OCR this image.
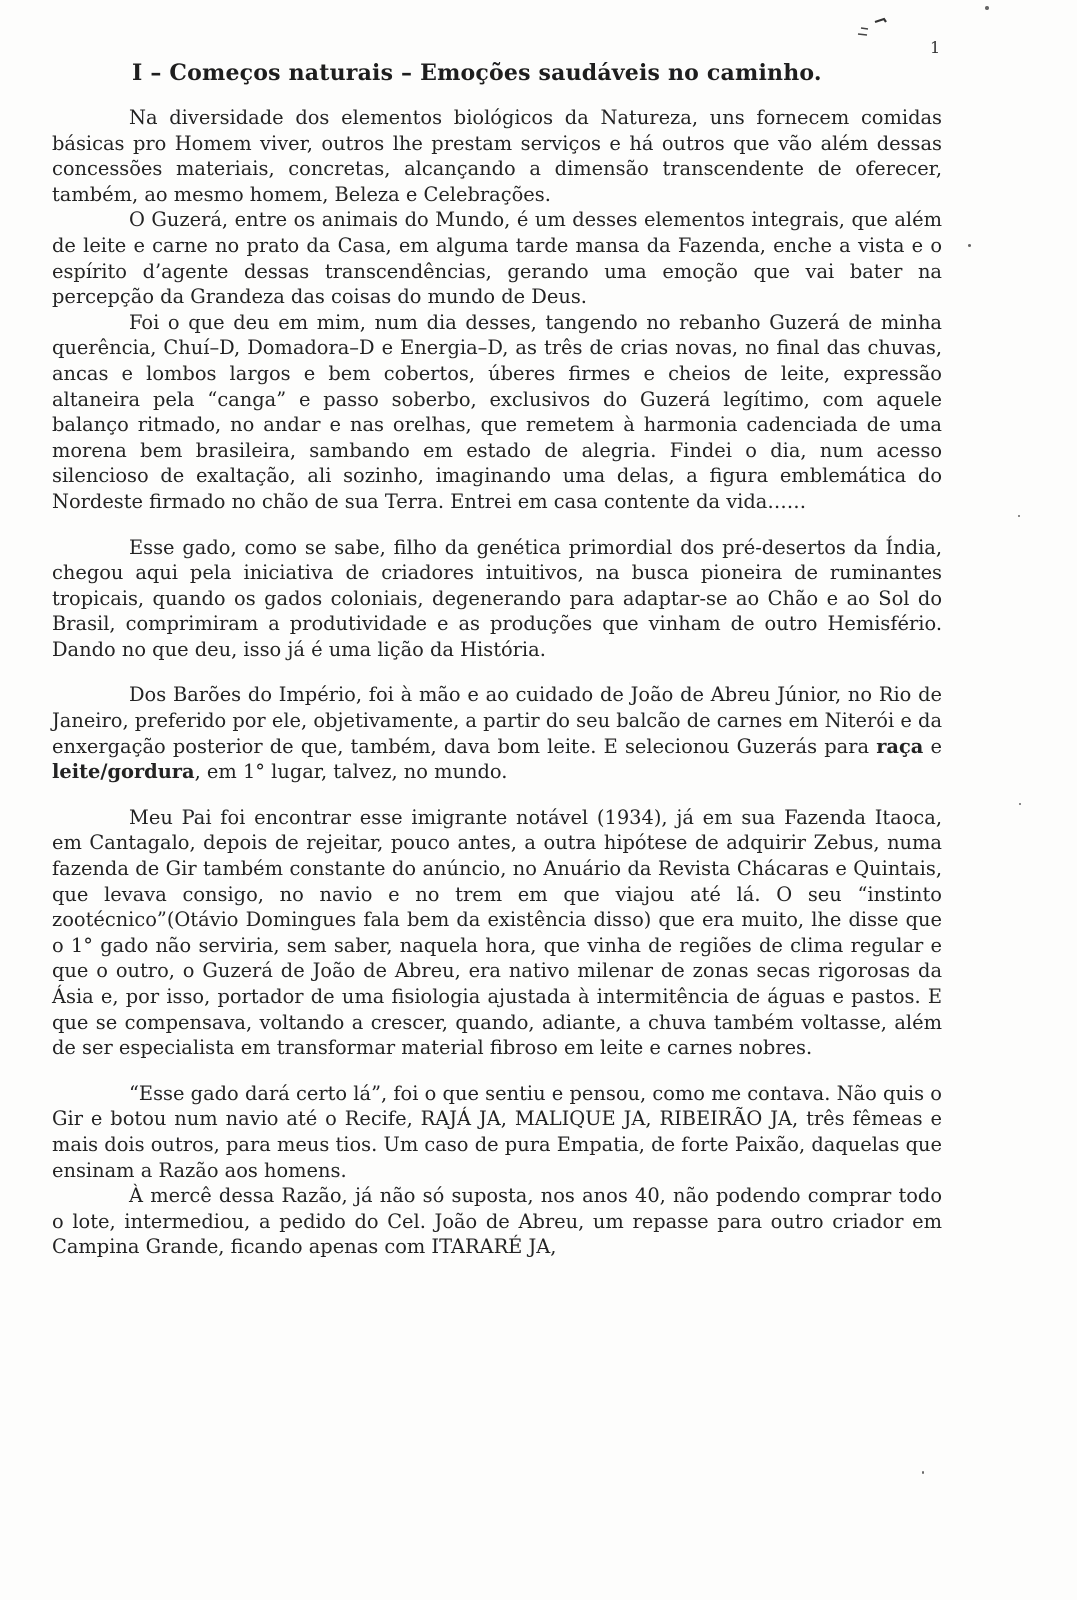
1
I – Começos naturais – Emoções saudáveis no caminho.

Na diversidade dos elementos biológicos da Natureza, uns fornecem comidas básicas pro Homem viver, outros lhe prestam serviços e há outros que vão além dessas concessões materiais, concretas, alcançando a dimensão transcendente de oferecer, também, ao mesmo homem, Beleza e Celebrações.

O Guzerá, entre os animais do Mundo, é um desses elementos integrais, que além de leite e carne no prato da Casa, em alguma tarde mansa da Fazenda, enche a vista e o espírito d’agente dessas transcendências, gerando uma emoção que vai bater na percepção da Grandeza das coisas do mundo de Deus.

Foi o que deu em mim, num dia desses, tangendo no rebanho Guzerá de minha querência, Chuí–D, Domadora–D e Energia–D, as três de crias novas, no final das chuvas, ancas e lombos largos e bem cobertos, úberes firmes e cheios de leite, expressão altaneira pela “canga” e passo soberbo, exclusivos do Guzerá legítimo, com aquele balanço ritmado, no andar e nas orelhas, que remetem à harmonia cadenciada de uma morena bem brasileira, sambando em estado de alegria. Findei o dia, num acesso silencioso de exaltação, ali sozinho, imaginando uma delas, a figura emblemática do Nordeste firmado no chão de sua Terra. Entrei em casa contente da vida……

Esse gado, como se sabe, filho da genética primordial dos pré-desertos da Índia, chegou aqui pela iniciativa de criadores intuitivos, na busca pioneira de ruminantes tropicais, quando os gados coloniais, degenerando para adaptar-se ao Chão e ao Sol do Brasil, comprimiram a produtividade e as produções que vinham de outro Hemisfério. Dando no que deu, isso já é uma lição da História.

Dos Barões do Império, foi à mão e ao cuidado de João de Abreu Júnior, no Rio de Janeiro, preferido por ele, objetivamente, a partir do seu balcão de carnes em Niterói e da enxergação posterior de que, também, dava bom leite. E selecionou Guzerás para raça e leite/gordura, em 1° lugar, talvez, no mundo.

Meu Pai foi encontrar esse imigrante notável (1934), já em sua Fazenda Itaoca, em Cantagalo, depois de rejeitar, pouco antes, a outra hipótese de adquirir Zebus, numa fazenda de Gir também constante do anúncio, no Anuário da Revista Chácaras e Quintais, que levava consigo, no navio e no trem em que viajou até lá. O seu “instinto zootécnico”(Otávio Domingues fala bem da existência disso) que era muito, lhe disse que o 1° gado não serviria, sem saber, naquela hora, que vinha de regiões de clima regular e que o outro, o Guzerá de João de Abreu, era nativo milenar de zonas secas rigorosas da Ásia e, por isso, portador de uma fisiologia ajustada à intermitência de águas e pastos. E que se compensava, voltando a crescer, quando, adiante, a chuva também voltasse, além de ser especialista em transformar material fibroso em leite e carnes nobres.

“Esse gado dará certo lá”, foi o que sentiu e pensou, como me contava. Não quis o Gir e botou num navio até o Recife, RAJÁ JA, MALIQUE JA, RIBEIRÃO JA, três fêmeas e mais dois outros, para meus tios. Um caso de pura Empatia, de forte Paixão, daquelas que ensinam a Razão aos homens.

À mercê dessa Razão, já não só suposta, nos anos 40, não podendo comprar todo o lote, intermediou, a pedido do Cel. João de Abreu, um repasse para outro criador em Campina Grande, ficando apenas com ITARARÉ JA,
